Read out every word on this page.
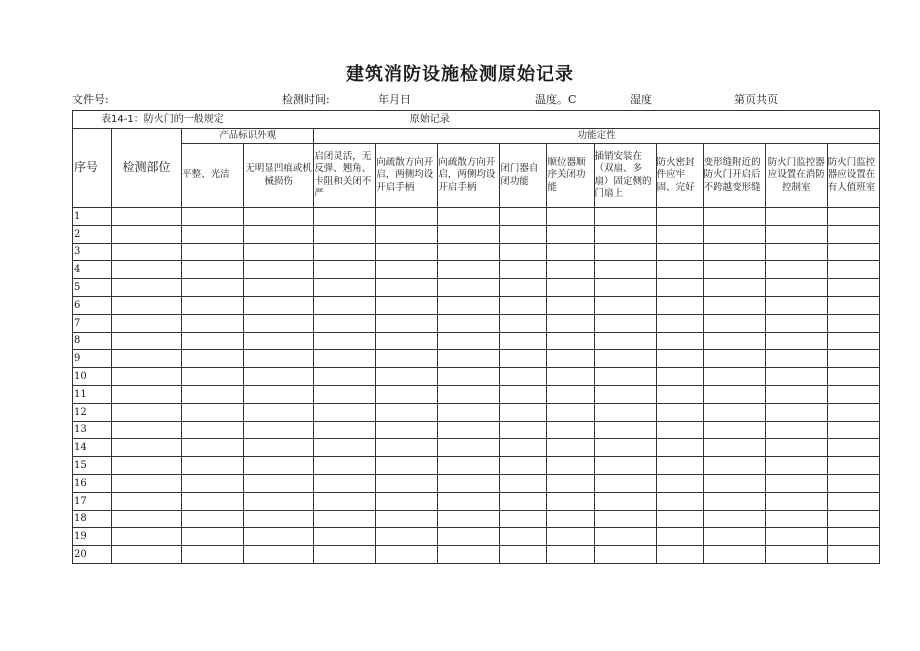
建筑消防设施检测原始记录
文件号:	检测时间:	年月日	温度。C	湿度	第页共页
表14-1：防火门的一般规定 原始记录													
序号	检测部位	产品标识外观		功能定性									
		平整、光洁	无明显凹痕或机械损伤	启闭灵活，无反弹、翘角、卡阻和关闭不严	向疏散方向开启，两侧均设开启手柄	向疏散方向开启，两侧均设开启手柄	闭门器自闭功能	顺位器顺序关闭功能	插销安装在（双扇、多扇）固定侧的门扇上	防火密封件应牢固、完好	变形缝附近的防火门开启后不跨越变形缝	防火门监控器应设置在消防控制室	防火门监控器应设置在有人值班室
1													
2													
3													
4													
5													
6													
7													
8													
9													
10													
11													
12													
13													
14													
15													
16													
17													
18													
19													
20													
